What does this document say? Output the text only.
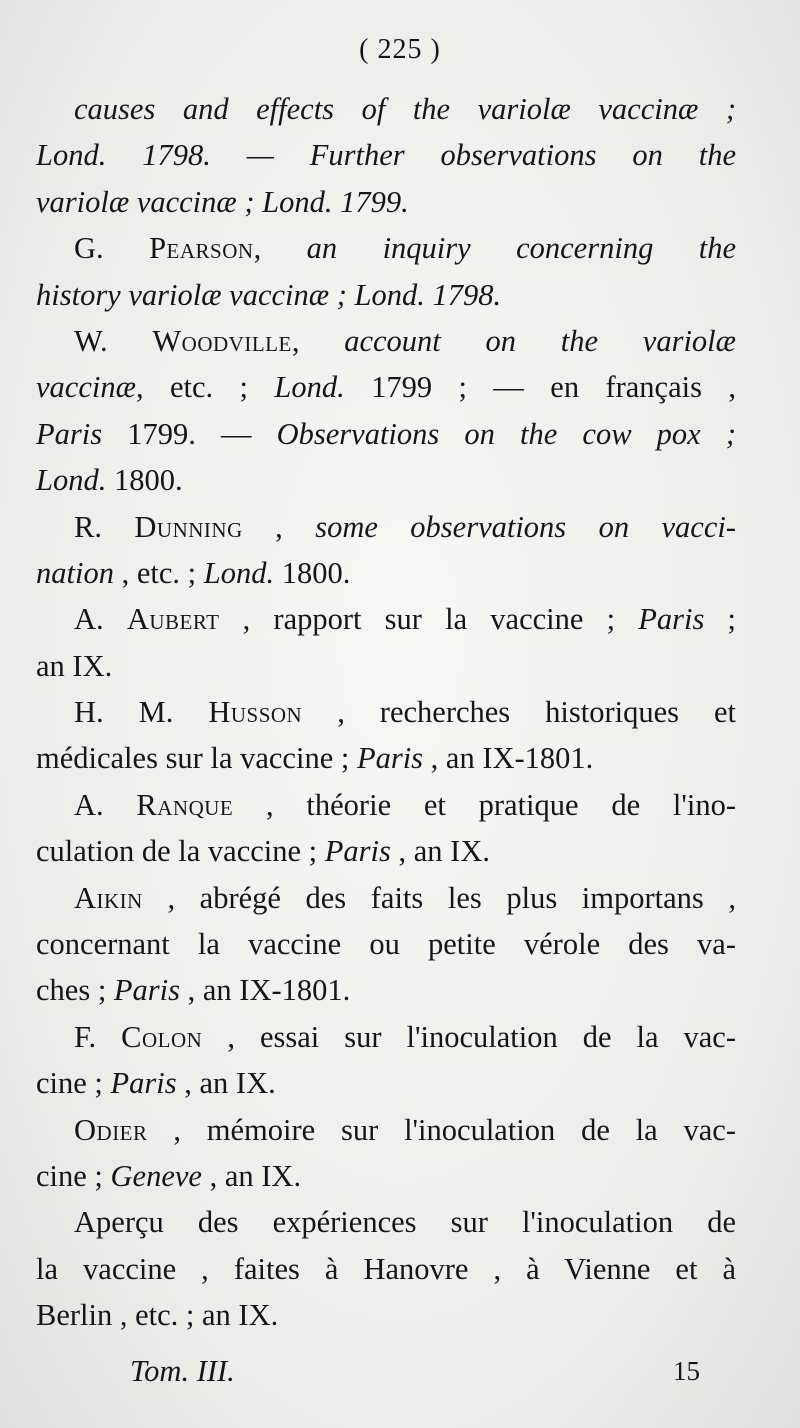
( 225 )
causes and effects of the variolæ vaccinæ ;
Lond. 1798. — Further observations on the
variolæ vaccinæ ; Lond. 1799.
G. Pearson, an inquiry concerning the
history variolæ vaccinæ ; Lond. 1798.
W. Woodville, account on the variolæ
vaccinæ, etc. ; Lond. 1799 ; — en français ,
Paris 1799. — Observations on the cow pox ;
Lond. 1800.
R. Dunning , some observations on vacci-
nation , etc. ; Lond. 1800.
A. Aubert , rapport sur la vaccine ; Paris ;
an IX.
H. M. Husson , recherches historiques et
médicales sur la vaccine ; Paris , an IX-1801.
A. Ranque , théorie et pratique de l'ino-
culation de la vaccine ; Paris , an IX.
Aikin , abrégé des faits les plus importans ,
concernant la vaccine ou petite vérole des va-
ches ; Paris , an IX-1801.
F. Colon , essai sur l'inoculation de la vac-
cine ; Paris , an IX.
Odier , mémoire sur l'inoculation de la vac-
cine ; Geneve , an IX.
Aperçu des expériences sur l'inoculation de
la vaccine , faites à Hanovre , à Vienne et à
Berlin , etc. ; an IX.
Tom. III.	15
